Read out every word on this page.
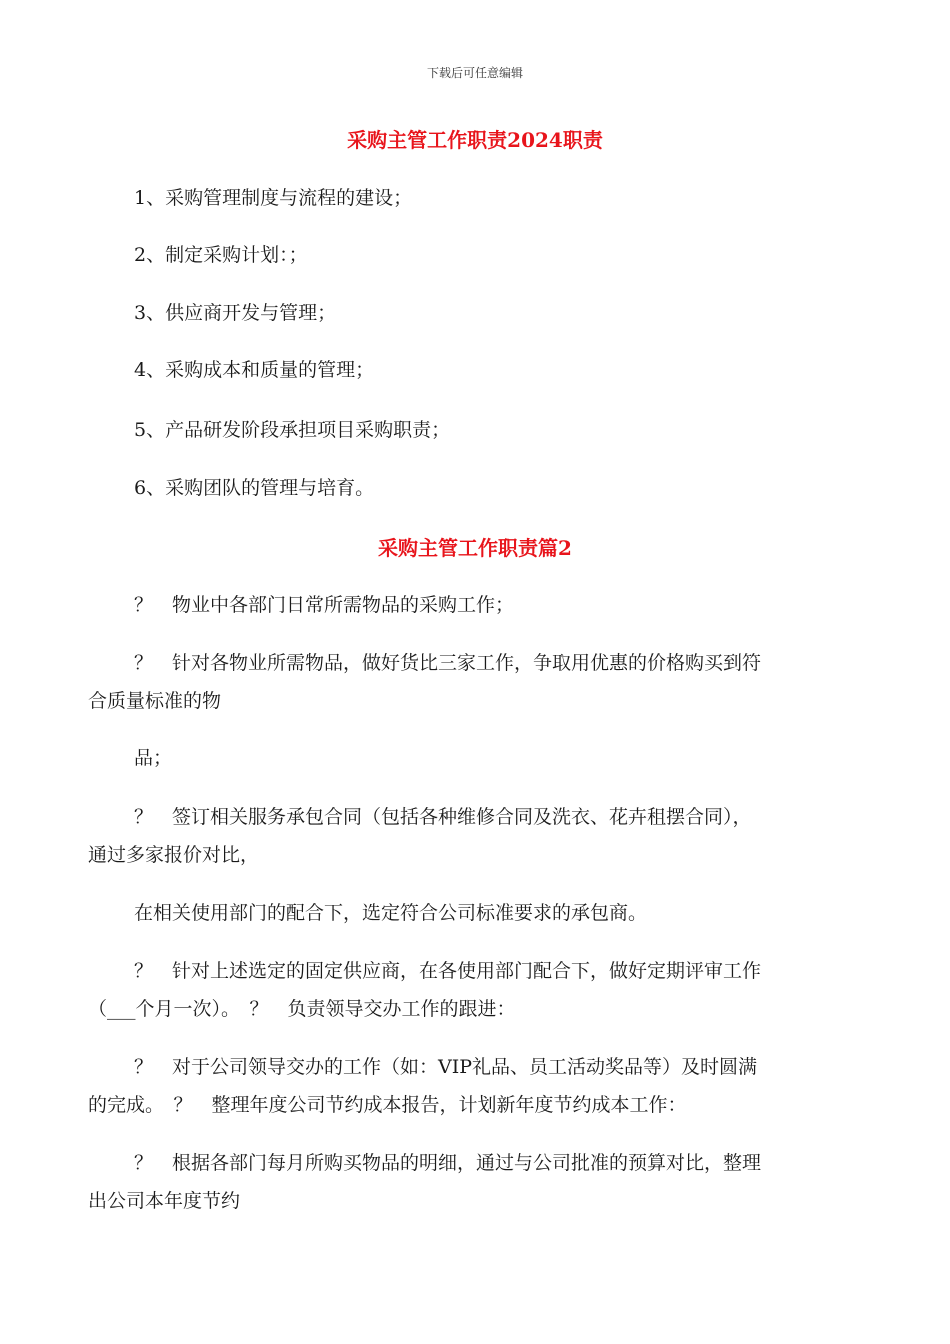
下载后可任意编辑
采购主管工作职责2024职责
1、采购管理制度与流程的建设；
2、制定采购计划：；
3、供应商开发与管理；
4、采购成本和质量的管理；
5、产品研发阶段承担项目采购职责；
6、采购团队的管理与培育。
采购主管工作职责篇2
？　物业中各部门日常所需物品的采购工作；
？　针对各物业所需物品，做好货比三家工作，争取用优惠的价格购买到符
合质量标准的物
品；
？　签订相关服务承包合同（包括各种维修合同及洗衣、花卉租摆合同），
通过多家报价对比，
在相关使用部门的配合下，选定符合公司标准要求的承包商。
？　针对上述选定的固定供应商，在各使用部门配合下，做好定期评审工作
（___个月一次）。　？　负责领导交办工作的跟进：
？　对于公司领导交办的工作（如：VIP礼品、员工活动奖品等）及时圆满
的完成。　？　整理年度公司节约成本报告，计划新年度节约成本工作：
？　根据各部门每月所购买物品的明细，通过与公司批准的预算对比，整理
出公司本年度节约
